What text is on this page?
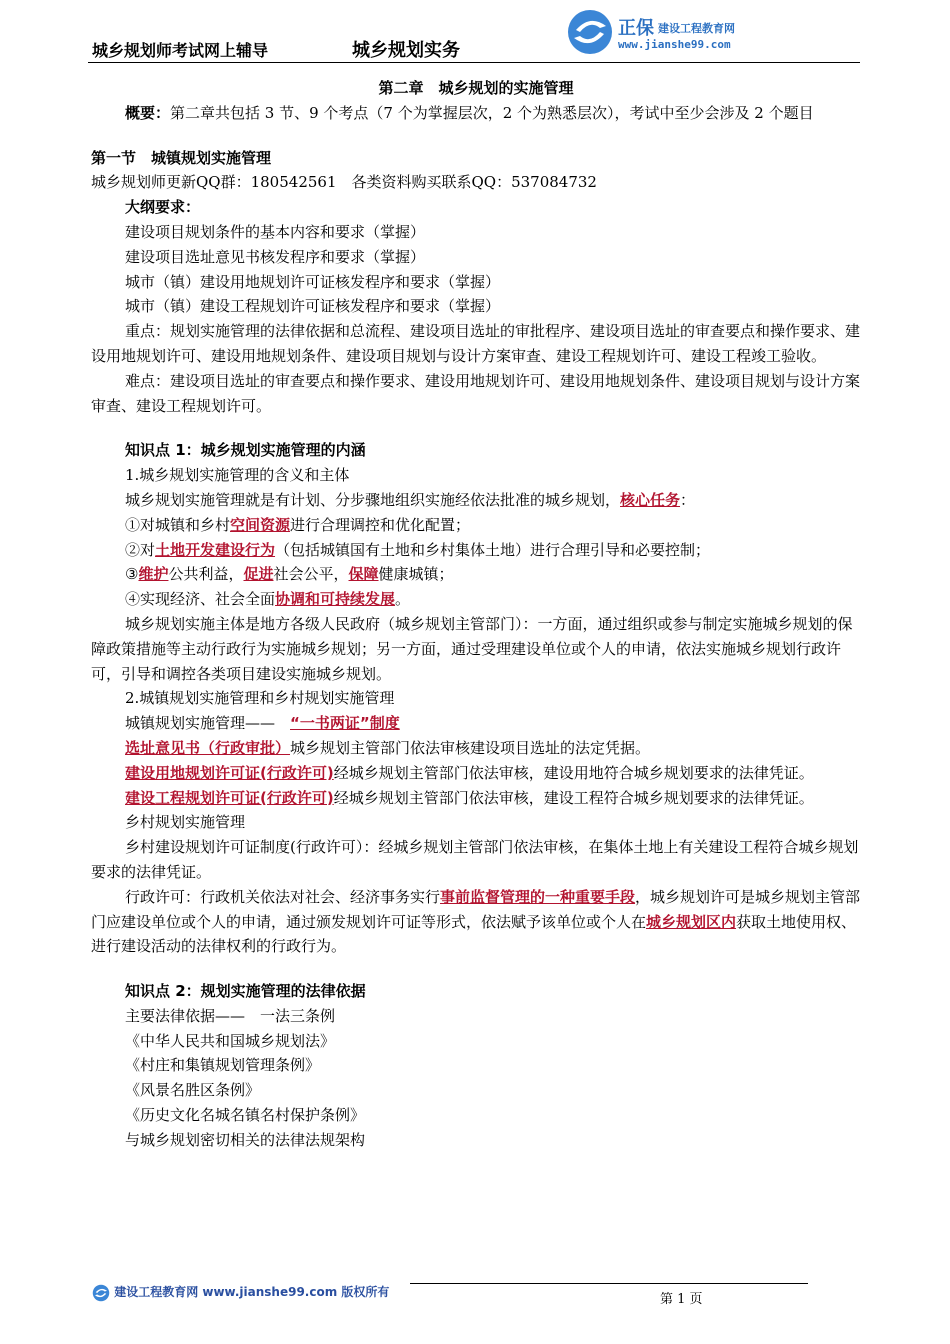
城乡规划师考试网上辅导	城乡规划实务
正保 建设工程教育网
www.jianshe99.com

第二章　城乡规划的实施管理

概要：第二章共包括 3 节、9 个考点（7 个为掌握层次，2 个为熟悉层次），考试中至少会涉及 2 个题目

第一节　城镇规划实施管理

城乡规划师更新QQ群：180542561　各类资料购买联系QQ：537084732

大纲要求：

建设项目规划条件的基本内容和要求（掌握）

建设项目选址意见书核发程序和要求（掌握）

城市（镇）建设用地规划许可证核发程序和要求（掌握）

城市（镇）建设工程规划许可证核发程序和要求（掌握）

重点：规划实施管理的法律依据和总流程、建设项目选址的审批程序、建设项目选址的审查要点和操作要求、建设用地规划许可、建设用地规划条件、建设项目规划与设计方案审查、建设工程规划许可、建设工程竣工验收。

难点：建设项目选址的审查要点和操作要求、建设用地规划许可、建设用地规划条件、建设项目规划与设计方案审查、建设工程规划许可。

知识点 1：城乡规划实施管理的内涵

1.城乡规划实施管理的含义和主体

城乡规划实施管理就是有计划、分步骤地组织实施经依法批准的城乡规划，核心任务：

①对城镇和乡村空间资源进行合理调控和优化配置；

②对土地开发建设行为（包括城镇国有土地和乡村集体土地）进行合理引导和必要控制；

③维护公共利益，促进社会公平，保障健康城镇；

④实现经济、社会全面协调和可持续发展。

城乡规划实施主体是地方各级人民政府（城乡规划主管部门）：一方面，通过组织或参与制定实施城乡规划的保障政策措施等主动行政行为实施城乡规划；另一方面，通过受理建设单位或个人的申请，依法实施城乡规划行政许可，引导和调控各类项目建设实施城乡规划。

2.城镇规划实施管理和乡村规划实施管理

城镇规划实施管理——　“一书两证”制度

选址意见书（行政审批）城乡规划主管部门依法审核建设项目选址的法定凭据。

建设用地规划许可证(行政许可)经城乡规划主管部门依法审核，建设用地符合城乡规划要求的法律凭证。

建设工程规划许可证(行政许可)经城乡规划主管部门依法审核，建设工程符合城乡规划要求的法律凭证。

乡村规划实施管理

乡村建设规划许可证制度(行政许可）：经城乡规划主管部门依法审核，在集体土地上有关建设工程符合城乡规划要求的法律凭证。

行政许可：行政机关依法对社会、经济事务实行事前监督管理的一种重要手段，城乡规划许可是城乡规划主管部门应建设单位或个人的申请，通过颁发规划许可证等形式，依法赋予该单位或个人在城乡规划区内获取土地使用权、进行建设活动的法律权利的行政行为。

知识点 2：规划实施管理的法律依据

主要法律依据——　一法三条例

《中华人民共和国城乡规划法》

《村庄和集镇规划管理条例》

《风景名胜区条例》

《历史文化名城名镇名村保护条例》

与城乡规划密切相关的法律法规架构

建设工程教育网 www.jianshe99.com 版权所有	第 1 页
